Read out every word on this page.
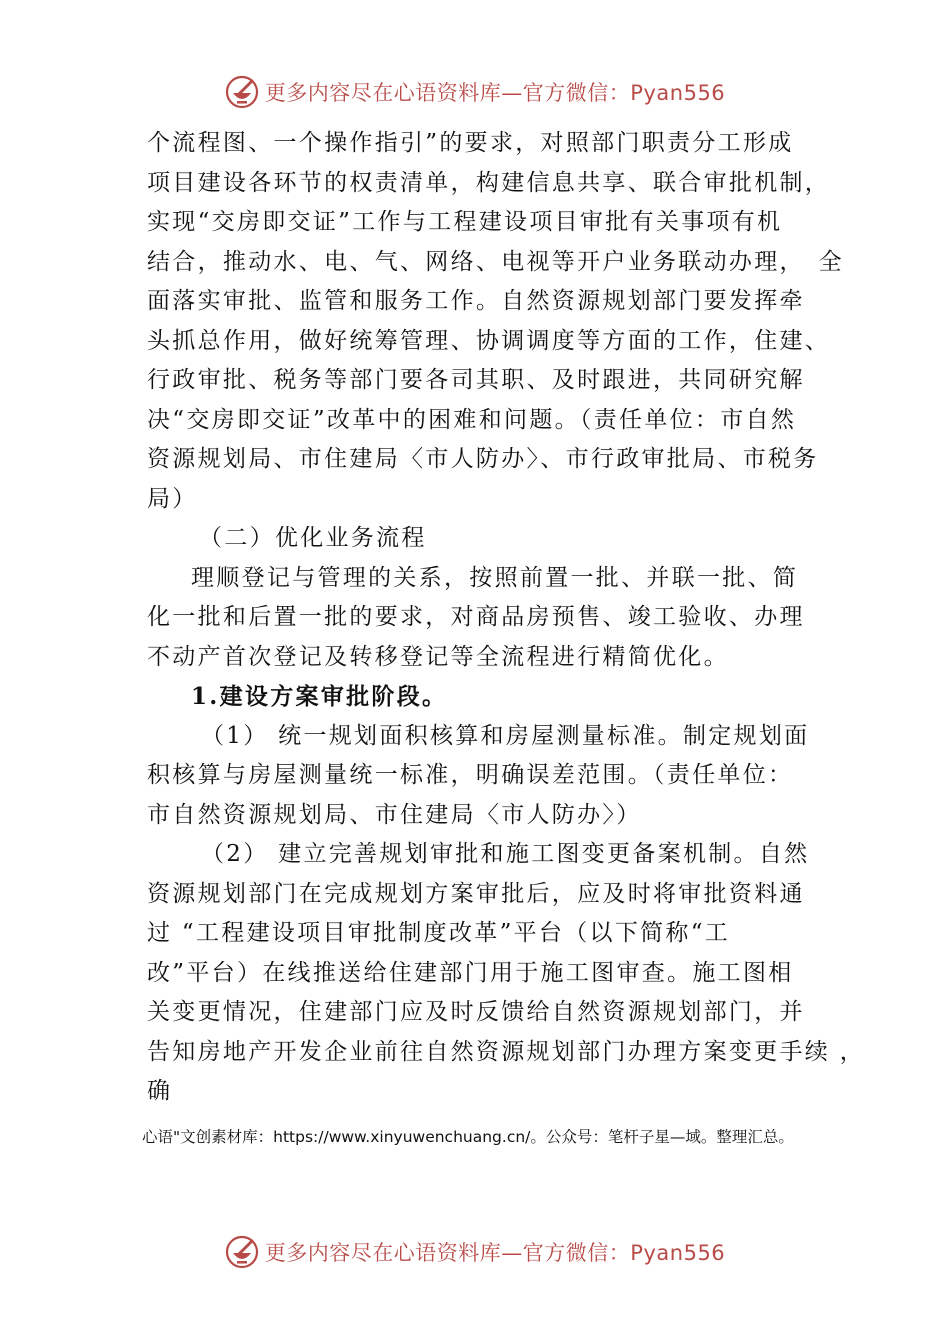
更多内容尽在心语资料库—官方微信：Pyan556
个流程图、一个操作指引”的要求，对照部门职责分工形成
项目建设各环节的权责清单，构建信息共享、联合审批机制，
实现“交房即交证”工作与工程建设项目审批有关事项有机
结合，推动水、电、气、网络、电视等开户业务联动办理，　全
面落实审批、监管和服务工作。自然资源规划部门要发挥牵
头抓总作用，做好统筹管理、协调调度等方面的工作，住建、
行政审批、税务等部门要各司其职、及时跟进，共同研究解
决“交房即交证”改革中的困难和问题。（责任单位：市自然
资源规划局、市住建局〈市人防办〉、市行政审批局、市税务
局）
（二）优化业务流程
理顺登记与管理的关系，按照前置一批、并联一批、简
化一批和后置一批的要求，对商品房预售、竣工验收、办理
不动产首次登记及转移登记等全流程进行精简优化。
1.建设方案审批阶段。
（1） 统一规划面积核算和房屋测量标准。制定规划面
积核算与房屋测量统一标准，明确误差范围。（责任单位：
市自然资源规划局、市住建局〈市人防办〉）
（2） 建立完善规划审批和施工图变更备案机制。自然
资源规划部门在完成规划方案审批后，应及时将审批资料通
过 “工程建设项目审批制度改革”平台（以下简称“工
改”平台）在线推送给住建部门用于施工图审查。施工图相
关变更情况，住建部门应及时反馈给自然资源规划部门，并
告知房地产开发企业前往自然资源规划部门办理方案变更手续 ，
确
心语"文创素材库：https://www.xinyuwenchuang.cn/。公众号：笔杆子星—域。整理汇总。
更多内容尽在心语资料库—官方微信：Pyan556
